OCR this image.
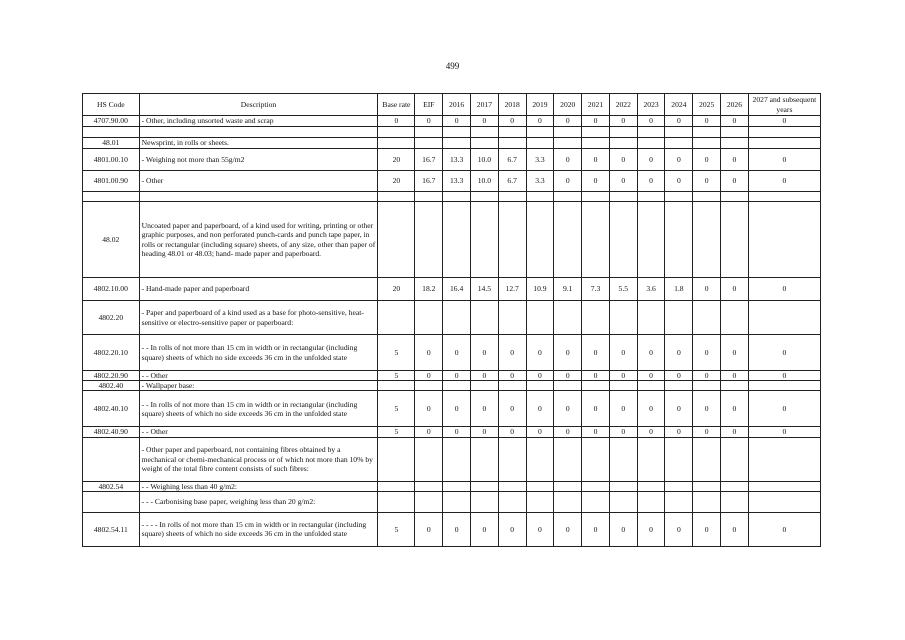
499
HS Code	Description	Base rate	EIF	2016	2017	2018	2019	2020	2021	2022	2023	2024	2025	2026	2027 and subsequent years
4707.90.00	- Other, including unsorted waste and scrap	0	0	0	0	0	0	0	0	0	0	0	0	0	0

48.01	Newsprint, in rolls or sheets.														
4801.00.10	- Weighing not more than 55g/m2	20	16.7	13.3	10.0	6.7	3.3	0	0	0	0	0	0	0	0
4801.00.90	- Other	20	16.7	13.3	10.0	6.7	3.3	0	0	0	0	0	0	0	0

48.02	Uncoated paper and paperboard, of a kind used for writing, printing or other graphic purposes, and non perforated punch-cards and punch tape paper, in rolls or rectangular (including square) sheets, of any size, other than paper of heading 48.01 or 48.03; hand- made paper and paperboard.														
4802.10.00	- Hand-made paper and paperboard	20	18.2	16.4	14.5	12.7	10.9	9.1	7.3	5.5	3.6	1.8	0	0	0
4802.20	- Paper and paperboard of a kind used as a base for photo-sensitive, heat-sensitive or electro-sensitive paper or paperboard:														
4802.20.10	- - In rolls of not more than 15 cm in width or in rectangular (including square) sheets of which no side exceeds 36 cm in the unfolded state	5	0	0	0	0	0	0	0	0	0	0	0	0	0
4802.20.90	- - Other	5	0	0	0	0	0	0	0	0	0	0	0	0	0
4802.40	- Wallpaper base:														
4802.40.10	- - In rolls of not more than 15 cm in width or in rectangular (including square) sheets of which no side exceeds 36 cm in the unfolded state	5	0	0	0	0	0	0	0	0	0	0	0	0	0
4802.40.90	- - Other	5	0	0	0	0	0	0	0	0	0	0	0	0	0
	- Other paper and paperboard, not containing fibres obtained by a mechanical or chemi-mechanical process or of which not more than 10% by weight of the total fibre content consists of such fibres:														
4802.54	- - Weighing less than 40 g/m2:														
	- - - Carbonising base paper, weighing less than 20 g/m2:														
4802.54.11	- - - - In rolls of not more than 15 cm in width or in rectangular (including square) sheets of which no side exceeds 36 cm in the unfolded state	5	0	0	0	0	0	0	0	0	0	0	0	0	0
